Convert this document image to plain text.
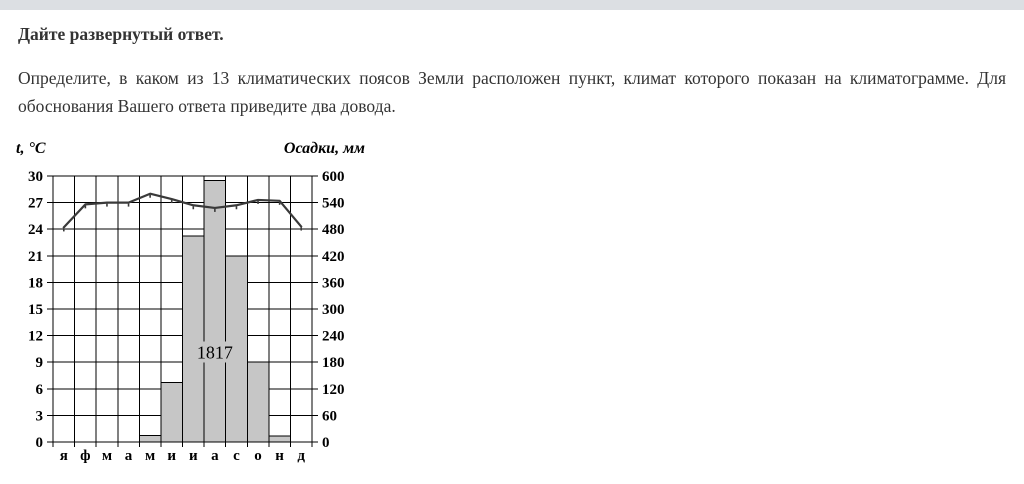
Дайте развернутый ответ.

Определите, в каком из 13 климатических поясов Земли расположен пункт, климат которого показан на климатограмме. Для обоснования Вашего ответа приведите два довода.

1817
0
3
6
9
12
15
18
21
24
27
30
0
60
120
180
240
300
360
420
480
540
600
я ф м а м и и а с о н д
t, °C	Осадки, мм
